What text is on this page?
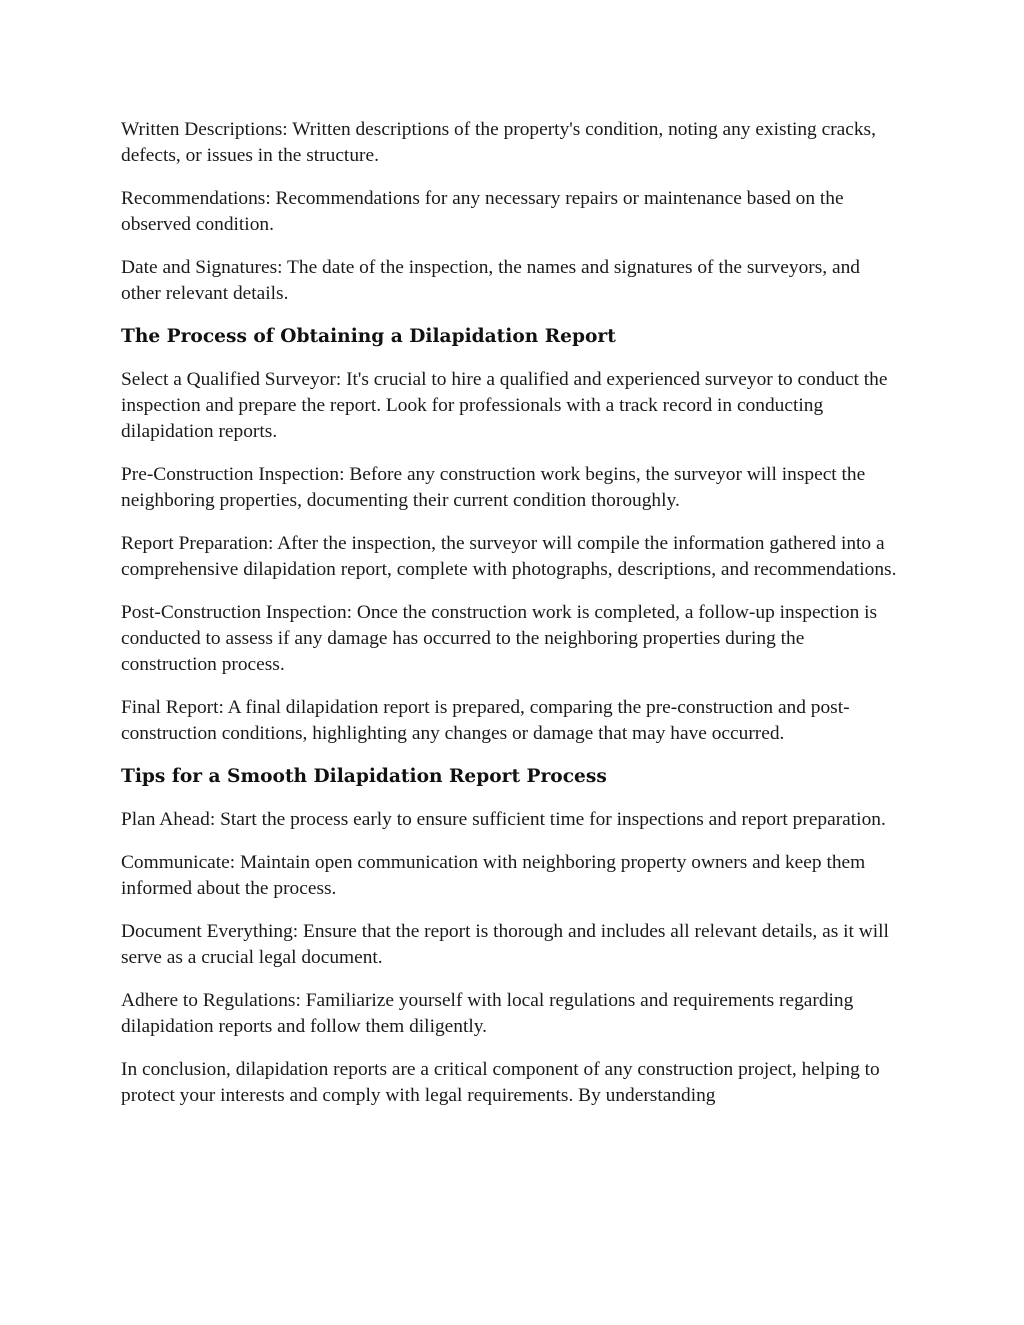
Written Descriptions: Written descriptions of the property's condition, noting any existing cracks, defects, or issues in the structure.

Recommendations: Recommendations for any necessary repairs or maintenance based on the observed condition.

Date and Signatures: The date of the inspection, the names and signatures of the surveyors, and other relevant details.

The Process of Obtaining a Dilapidation Report

Select a Qualified Surveyor: It's crucial to hire a qualified and experienced surveyor to conduct the inspection and prepare the report. Look for professionals with a track record in conducting dilapidation reports.

Pre-Construction Inspection: Before any construction work begins, the surveyor will inspect the neighboring properties, documenting their current condition thoroughly.

Report Preparation: After the inspection, the surveyor will compile the information gathered into a comprehensive dilapidation report, complete with photographs, descriptions, and recommendations.

Post-Construction Inspection: Once the construction work is completed, a follow-up inspection is conducted to assess if any damage has occurred to the neighboring properties during the construction process.

Final Report: A final dilapidation report is prepared, comparing the pre-construction and post-construction conditions, highlighting any changes or damage that may have occurred.

Tips for a Smooth Dilapidation Report Process

Plan Ahead: Start the process early to ensure sufficient time for inspections and report preparation.

Communicate: Maintain open communication with neighboring property owners and keep them informed about the process.

Document Everything: Ensure that the report is thorough and includes all relevant details, as it will serve as a crucial legal document.

Adhere to Regulations: Familiarize yourself with local regulations and requirements regarding dilapidation reports and follow them diligently.

In conclusion, dilapidation reports are a critical component of any construction project, helping to protect your interests and comply with legal requirements. By understanding
